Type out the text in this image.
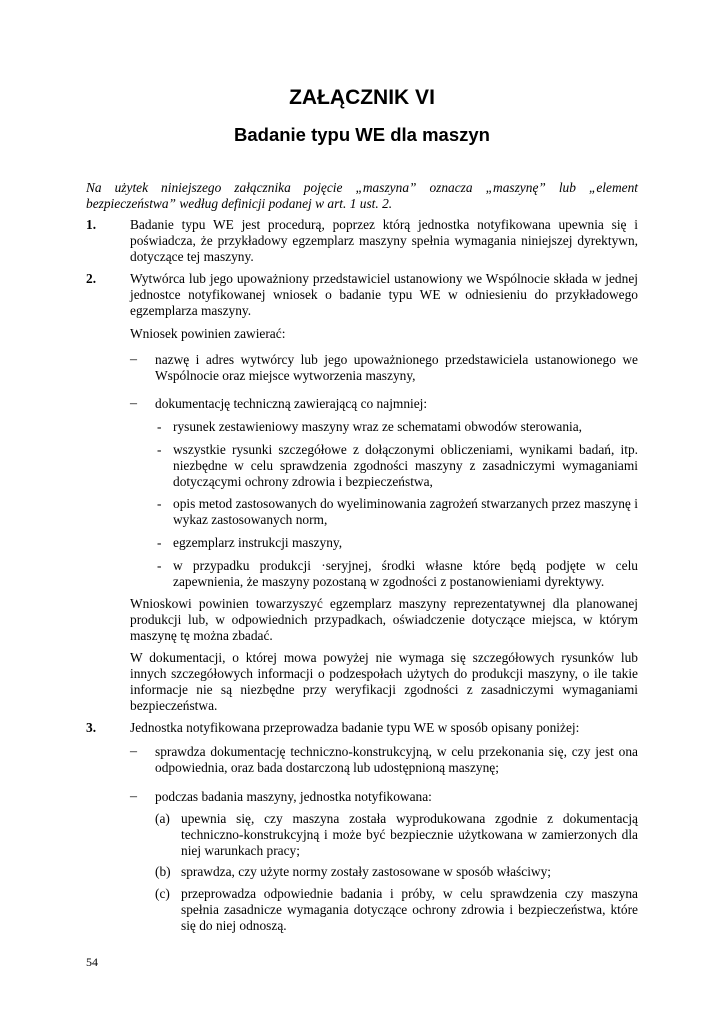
ZAŁĄCZNIK VI
Badanie typu WE dla maszyn

Na użytek niniejszego załącznika pojęcie „maszyna” oznacza „maszynę” lub „element bezpieczeństwa” według definicji podanej w art. 1 ust. 2.

1.	Badanie typu WE jest procedurą, poprzez którą jednostka notyfikowana upewnia się i poświadcza, że przykładowy egzemplarz maszyny spełnia wymagania niniejszej dyrektywn, dotyczące tej maszyny.

2.	Wytwórca lub jego upoważniony przedstawiciel ustanowiony we Wspólnocie składa w jednej jednostce notyfikowanej wniosek o badanie typu WE w odniesieniu do przykładowego egzemplarza maszyny.

Wniosek powinien zawierać:

– nazwę i adres wytwórcy lub jego upoważnionego przedstawiciela ustanowionego we Wspólnocie oraz miejsce wytworzenia maszyny,

– dokumentację techniczną zawierającą co najmniej:

- rysunek zestawieniowy maszyny wraz ze schematami obwodów sterowania,

- wszystkie rysunki szczegółowe z dołączonymi obliczeniami, wynikami badań, itp. niezbędne w celu sprawdzenia zgodności maszyny z zasadniczymi wymaganiami dotyczącymi ochrony zdrowia i bezpieczeństwa,

- opis metod zastosowanych do wyeliminowania zagrożeń stwarzanych przez maszynę i wykaz zastosowanych norm,

- egzemplarz instrukcji maszyny,

- w przypadku produkcji ·seryjnej, środki własne które będą podjęte w celu zapewnienia, że maszyny pozostaną w zgodności z postanowieniami dyrektywy.

Wnioskowi powinien towarzyszyć egzemplarz maszyny reprezentatywnej dla planowanej produkcji lub, w odpowiednich przypadkach, oświadczenie dotyczące miejsca, w którym maszynę tę można zbadać.

W dokumentacji, o której mowa powyżej nie wymaga się szczegółowych rysunków lub innych szczegółowych informacji o podzespołach użytych do produkcji maszyny, o ile takie informacje nie są niezbędne przy weryfikacji zgodności z zasadniczymi wymaganiami bezpieczeństwa.

3.	Jednostka notyfikowana przeprowadza badanie typu WE w sposób opisany poniżej:

– sprawdza dokumentację techniczno-konstrukcyjną, w celu przekonania się, czy jest ona odpowiednia, oraz bada dostarczoną lub udostępnioną maszynę;

– podczas badania maszyny, jednostka notyfikowana:

(a) upewnia się, czy maszyna została wyprodukowana zgodnie z dokumentacją techniczno-konstrukcyjną i może być bezpiecznie użytkowana w zamierzonych dla niej warunkach pracy;

(b) sprawdza, czy użyte normy zostały zastosowane w sposób właściwy;

(c) przeprowadza odpowiednie badania i próby, w celu sprawdzenia czy maszyna spełnia zasadnicze wymagania dotyczące ochrony zdrowia i bezpieczeństwa, które się do niej odnoszą.

54
